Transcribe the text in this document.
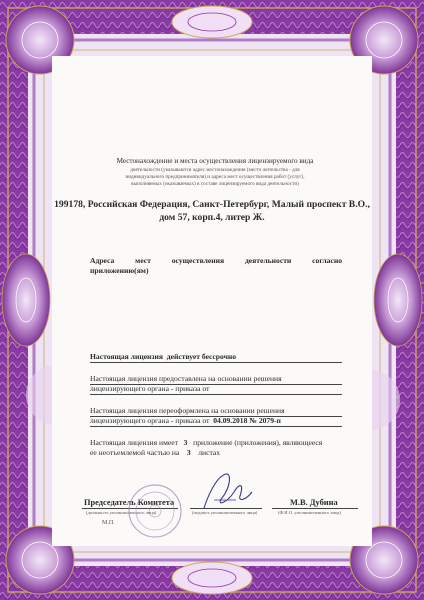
Местонахождение и места осуществления лицензируемого вида
деятельности (указываются адрес местонахождения (место жительства - для
индивидуального предпринимателя) и адреса мест осуществления работ (услуг),
выполняемых (оказываемых) в составе лицензируемого вида деятельности)
199178, Российская Федерация, Санкт-Петербург, Малый проспект В.О.,
дом 57, корп.4, литер Ж.
Адреса мест осуществления деятельности согласно
приложению(ям)
Настоящая лицензия действует бессрочно
Настоящая лицензия предоставлена на основании решения
лицензирующего органа - приказа от
Настоящая лицензия переоформлена на основании решения
лицензирующего органа - приказа от 04.09.2018 № 2079-п
Настоящая лицензия имеет 3 приложение (приложения), являющееся
ее неотъемлемой частью на 3 листах
Председатель Комитета
(должность уполномоченного лица)	(подпись уполномоченного лица)
М.В. Дубина
(Ф.И.О. уполномоченного лица)
М.П.
